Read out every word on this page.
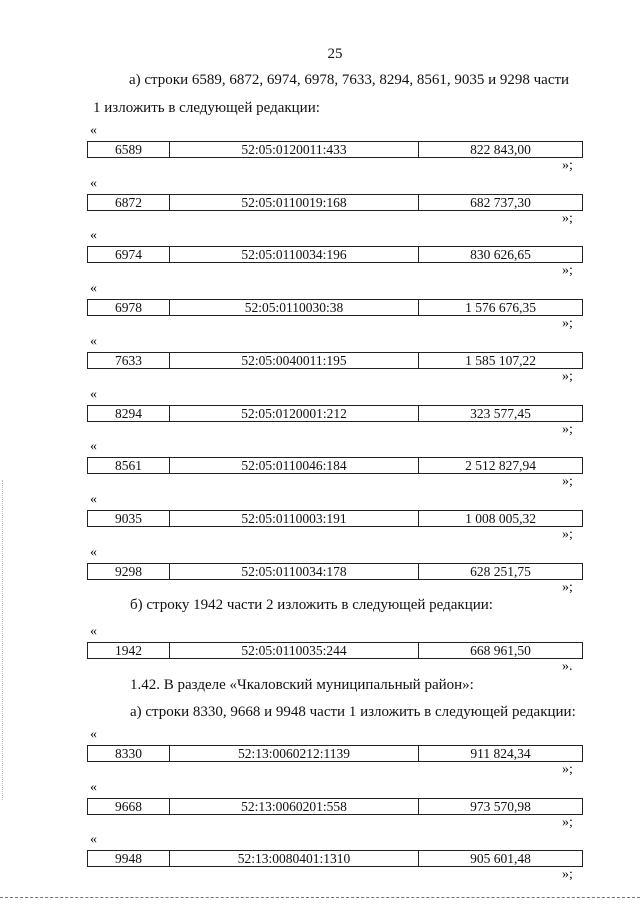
25
а) строки 6589, 6872, 6974, 6978, 7633, 8294, 8561, 9035 и 9298 части
1 изложить в следующей редакции:
«
6589	52:05:0120011:433	822 843,00
»;
«
6872	52:05:0110019:168	682 737,30
»;
«
6974	52:05:0110034:196	830 626,65
»;
«
6978	52:05:0110030:38	1 576 676,35
»;
«
7633	52:05:0040011:195	1 585 107,22
»;
«
8294	52:05:0120001:212	323 577,45
»;
«
8561	52:05:0110046:184	2 512 827,94
»;
«
9035	52:05:0110003:191	1 008 005,32
»;
«
9298	52:05:0110034:178	628 251,75
»;
б) строку 1942 части 2 изложить в следующей редакции:
«
1942	52:05:0110035:244	668 961,50
».
1.42. В разделе «Чкаловский муниципальный район»:
а) строки 8330, 9668 и 9948 части 1 изложить в следующей редакции:
«
8330	52:13:0060212:1139	911 824,34
»;
«
9668	52:13:0060201:558	973 570,98
»;
«
9948	52:13:0080401:1310	905 601,48
»;
